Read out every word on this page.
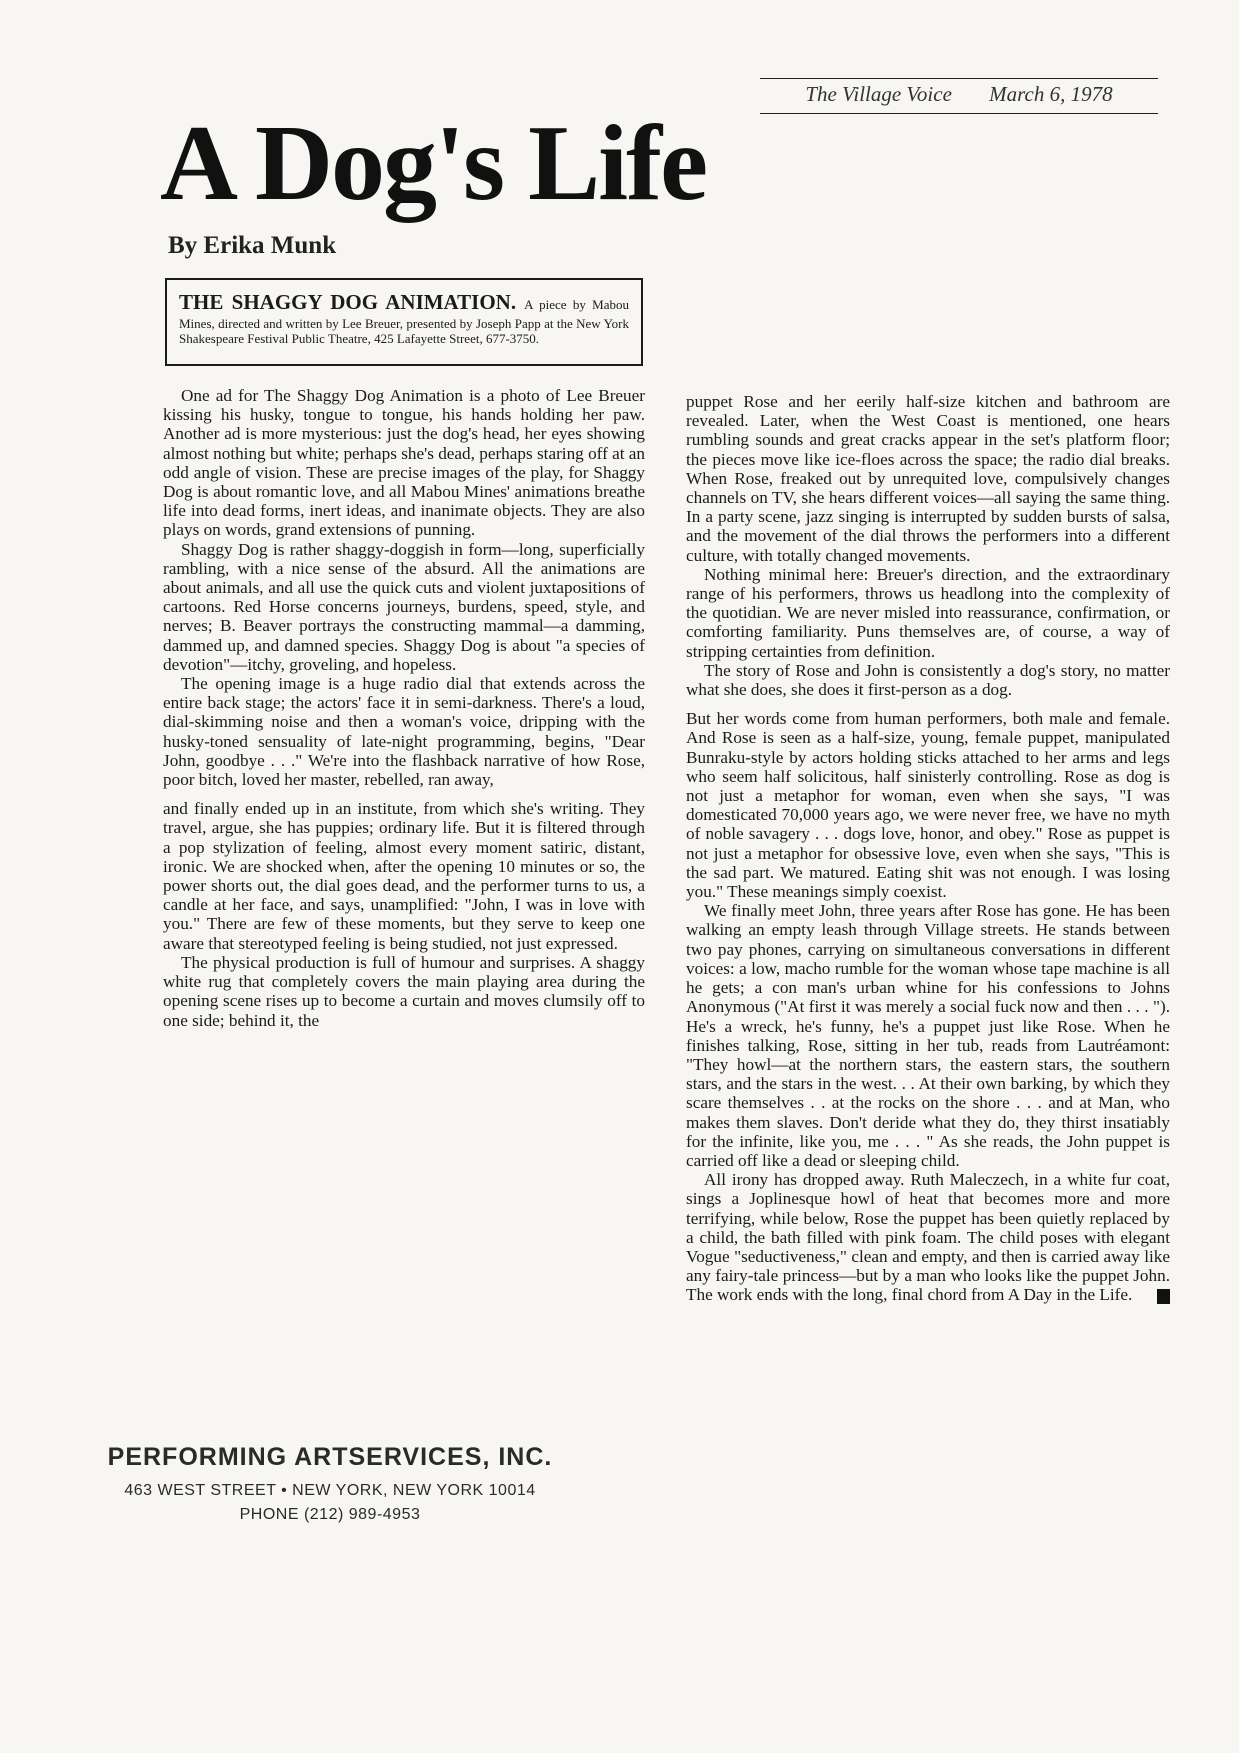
The Village Voice March 6, 1978
A Dog's Life
By Erika Munk
THE SHAGGY DOG ANIMATION. A piece by Mabou Mines, directed and written by Lee Breuer, presented by Joseph Papp at the New York Shakespeare Festival Public Theatre, 425 Lafayette Street, 677-3750.

One ad for The Shaggy Dog Animation is a photo of Lee Breuer kissing his husky, tongue to tongue, his hands holding her paw. Another ad is more mysterious: just the dog's head, her eyes showing almost nothing but white; perhaps she's dead, perhaps staring off at an odd angle of vision. These are precise images of the play, for Shaggy Dog is about romantic love, and all Mabou Mines' animations breathe life into dead forms, inert ideas, and inanimate objects. They are also plays on words, grand extensions of punning.

Shaggy Dog is rather shaggy-doggish in form—long, superficially rambling, with a nice sense of the absurd. All the animations are about animals, and all use the quick cuts and violent juxtapositions of cartoons. Red Horse concerns journeys, burdens, speed, style, and nerves; B. Beaver portrays the constructing mammal—a damming, dammed up, and damned species. Shaggy Dog is about "a species of devotion"—itchy, groveling, and hopeless.

The opening image is a huge radio dial that extends across the entire back stage; the actors' face it in semi-darkness. There's a loud, dial-skimming noise and then a woman's voice, dripping with the husky-toned sensuality of late-night programming, begins, "Dear John, goodbye . . ." We're into the flashback narrative of how Rose, poor bitch, loved her master, rebelled, ran away,

and finally ended up in an institute, from which she's writing. They travel, argue, she has puppies; ordinary life. But it is filtered through a pop stylization of feeling, almost every moment satiric, distant, ironic. We are shocked when, after the opening 10 minutes or so, the power shorts out, the dial goes dead, and the performer turns to us, a candle at her face, and says, unamplified: "John, I was in love with you." There are few of these moments, but they serve to keep one aware that stereotyped feeling is being studied, not just expressed.

The physical production is full of humour and surprises. A shaggy white rug that completely covers the main playing area during the opening scene rises up to become a curtain and moves clumsily off to one side; behind it, the

puppet Rose and her eerily half-size kitchen and bathroom are revealed. Later, when the West Coast is mentioned, one hears rumbling sounds and great cracks appear in the set's platform floor; the pieces move like ice-floes across the space; the radio dial breaks. When Rose, freaked out by unrequited love, compulsively changes channels on TV, she hears different voices—all saying the same thing. In a party scene, jazz singing is interrupted by sudden bursts of salsa, and the movement of the dial throws the performers into a different culture, with totally changed movements.

Nothing minimal here: Breuer's direction, and the extraordinary range of his performers, throws us headlong into the complexity of the quotidian. We are never misled into reassurance, confirmation, or comforting familiarity. Puns themselves are, of course, a way of stripping certainties from definition.

The story of Rose and John is consistently a dog's story, no matter what she does, she does it first-person as a dog.

But her words come from human performers, both male and female. And Rose is seen as a half-size, young, female puppet, manipulated Bunraku-style by actors holding sticks attached to her arms and legs who seem half solicitous, half sinisterly controlling. Rose as dog is not just a metaphor for woman, even when she says, "I was domesticated 70,000 years ago, we were never free, we have no myth of noble savagery . . . dogs love, honor, and obey." Rose as puppet is not just a metaphor for obsessive love, even when she says, "This is the sad part. We matured. Eating shit was not enough. I was losing you." These meanings simply coexist.

We finally meet John, three years after Rose has gone. He has been walking an empty leash through Village streets. He stands between two pay phones, carrying on simultaneous conversations in different voices: a low, macho rumble for the woman whose tape machine is all he gets; a con man's urban whine for his confessions to Johns Anonymous ("At first it was merely a social fuck now and then . . . "). He's a wreck, he's funny, he's a puppet just like Rose. When he finishes talking, Rose, sitting in her tub, reads from Lautréamont: "They howl—at the northern stars, the eastern stars, the southern stars, and the stars in the west. . . At their own barking, by which they scare themselves . . at the rocks on the shore . . . and at Man, who makes them slaves. Don't deride what they do, they thirst insatiably for the infinite, like you, me . . . " As she reads, the John puppet is carried off like a dead or sleeping child.

All irony has dropped away. Ruth Maleczech, in a white fur coat, sings a Joplinesque howl of heat that becomes more and more terrifying, while below, Rose the puppet has been quietly replaced by a child, the bath filled with pink foam. The child poses with elegant Vogue "seductiveness," clean and empty, and then is carried away like any fairy-tale princess—but by a man who looks like the puppet John. The work ends with the long, final chord from A Day in the Life.

PERFORMING ARTSERVICES, INC.
463 WEST STREET • NEW YORK, NEW YORK 10014
PHONE (212) 989-4953
